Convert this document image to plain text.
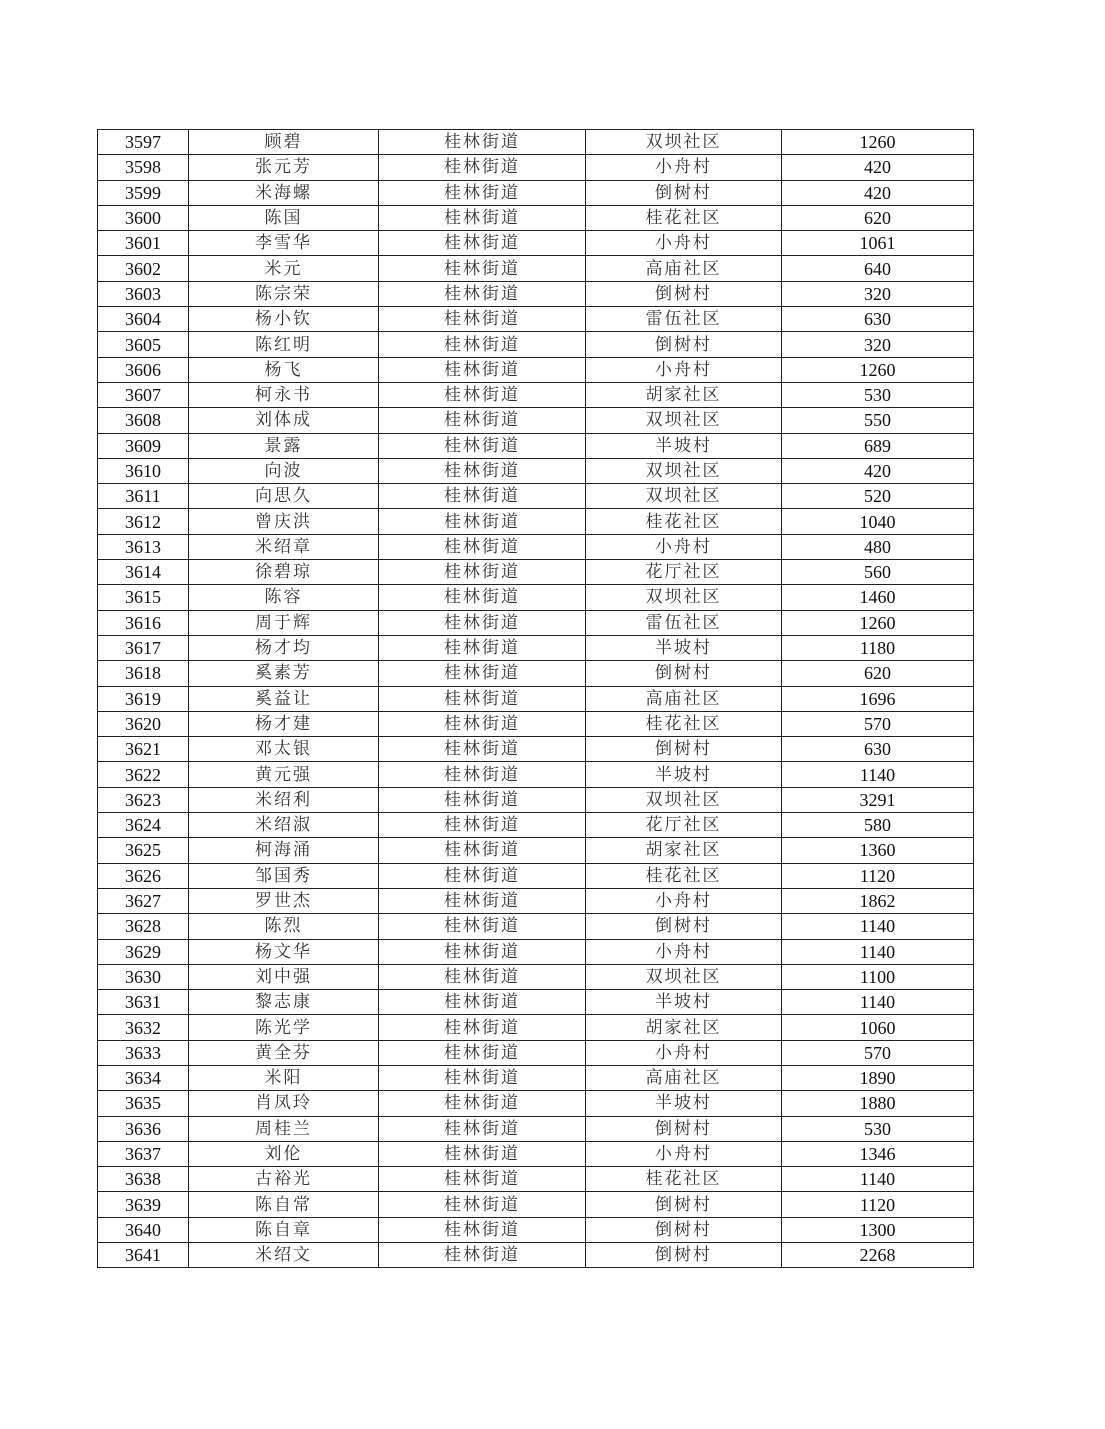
3597	顾碧	桂林街道	双坝社区	1260
3598	张元芳	桂林街道	小舟村	420
3599	米海螺	桂林街道	倒树村	420
3600	陈国	桂林街道	桂花社区	620
3601	李雪华	桂林街道	小舟村	1061
3602	米元	桂林街道	高庙社区	640
3603	陈宗荣	桂林街道	倒树村	320
3604	杨小钦	桂林街道	雷伍社区	630
3605	陈红明	桂林街道	倒树村	320
3606	杨飞	桂林街道	小舟村	1260
3607	柯永书	桂林街道	胡家社区	530
3608	刘体成	桂林街道	双坝社区	550
3609	景露	桂林街道	半坡村	689
3610	向波	桂林街道	双坝社区	420
3611	向思久	桂林街道	双坝社区	520
3612	曾庆洪	桂林街道	桂花社区	1040
3613	米绍章	桂林街道	小舟村	480
3614	徐碧琼	桂林街道	花厅社区	560
3615	陈容	桂林街道	双坝社区	1460
3616	周于辉	桂林街道	雷伍社区	1260
3617	杨才均	桂林街道	半坡村	1180
3618	奚素芳	桂林街道	倒树村	620
3619	奚益让	桂林街道	高庙社区	1696
3620	杨才建	桂林街道	桂花社区	570
3621	邓太银	桂林街道	倒树村	630
3622	黄元强	桂林街道	半坡村	1140
3623	米绍利	桂林街道	双坝社区	3291
3624	米绍淑	桂林街道	花厅社区	580
3625	柯海涌	桂林街道	胡家社区	1360
3626	邹国秀	桂林街道	桂花社区	1120
3627	罗世杰	桂林街道	小舟村	1862
3628	陈烈	桂林街道	倒树村	1140
3629	杨文华	桂林街道	小舟村	1140
3630	刘中强	桂林街道	双坝社区	1100
3631	黎志康	桂林街道	半坡村	1140
3632	陈光学	桂林街道	胡家社区	1060
3633	黄全芬	桂林街道	小舟村	570
3634	米阳	桂林街道	高庙社区	1890
3635	肖凤玲	桂林街道	半坡村	1880
3636	周桂兰	桂林街道	倒树村	530
3637	刘伦	桂林街道	小舟村	1346
3638	古裕光	桂林街道	桂花社区	1140
3639	陈自常	桂林街道	倒树村	1120
3640	陈自章	桂林街道	倒树村	1300
3641	米绍文	桂林街道	倒树村	2268
